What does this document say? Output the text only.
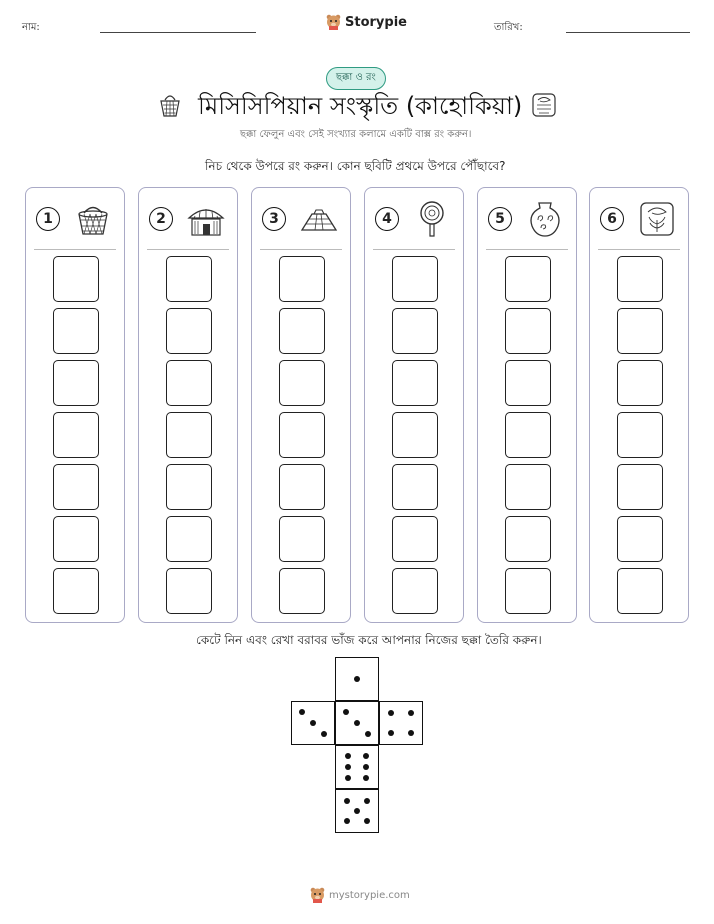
নাম:	Storypie	তারিখ:
ছক্কা ও রং
মিসিসিপিয়ান সংস্কৃতি (কাহোকিয়া)
ছক্কা ফেলুন এবং সেই সংখ্যার কলামে একটি বাক্স রং করুন।
নিচ থেকে উপরে রং করুন। কোন ছবিটি প্রথমে উপরে পৌঁছাবে?
1	2	3	4	5	6
কেটে নিন এবং রেখা বরাবর ভাঁজ করে আপনার নিজের ছক্কা তৈরি করুন।
mystorypie.com
